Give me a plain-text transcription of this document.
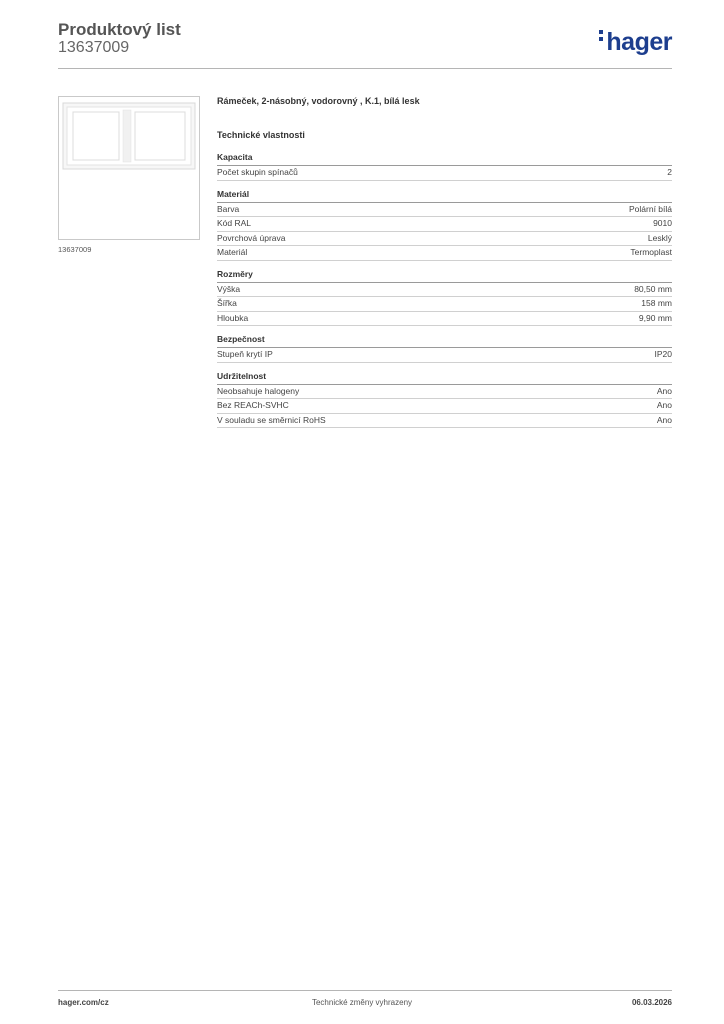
Produktový list
13637009	hager
13637009
Rámeček, 2-násobný, vodorovný , K.1, bílá lesk
Technické vlastnosti
Kapacita
Počet skupin spínačů	2
Materiál
Barva	Polární bílá
Kód RAL	9010
Povrchová úprava	Lesklý
Materiál	Termoplast
Rozměry
Výška	80,50 mm
Šířka	158 mm
Hloubka	9,90 mm
Bezpečnost
Stupeň krytí IP	IP20
Udržitelnost
Neobsahuje halogeny	Ano
Bez REACh-SVHC	Ano
V souladu se směrnicí RoHS	Ano
hager.com/cz	Technické změny vyhrazeny	06.03.2026
